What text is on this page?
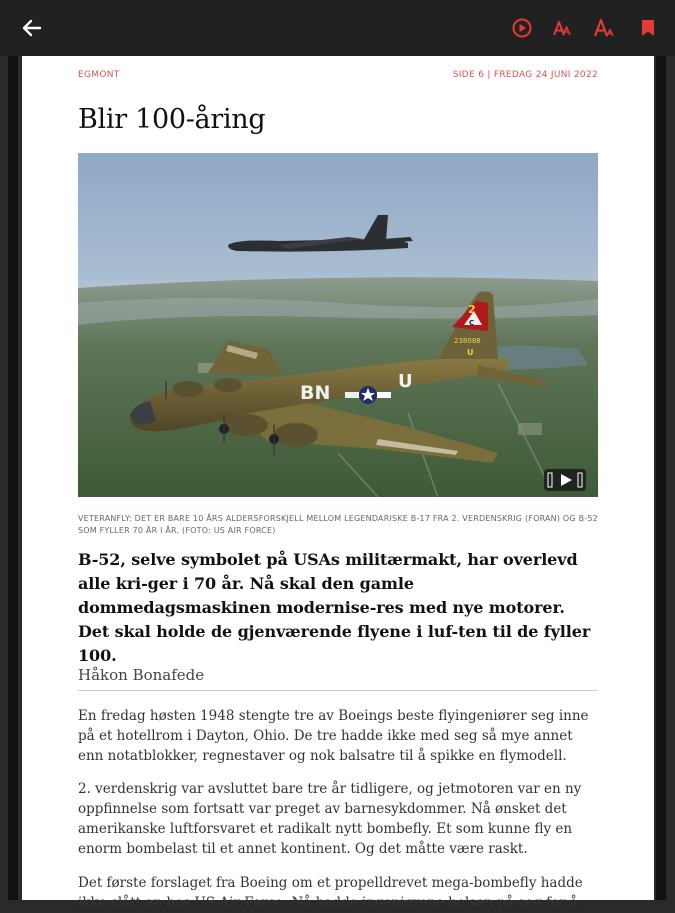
EGMONT	SIDE 6 | FREDAG 24 JUNI 2022
Blir 100-åring
BN
U
2
C
238088
U
VETERANFLY: DET ER BARE 10 ÅRS ALDERSFORSKJELL MELLOM LEGENDARISKE B-17 FRA 2. VERDENSKRIG (FORAN) OG B-52 SOM FYLLER 70 ÅR I ÅR. (FOTO: US AIR FORCE)
B-52, selve symbolet på USAs militærmakt, har overlevd alle kri-ger i 70 år. Nå skal den gamle dommedagsmaskinen modernise-res med nye motorer. Det skal holde de gjenværende flyene i luf-ten til de fyller 100.
Håkon Bonafede

En fredag høsten 1948 stengte tre av Boeings beste flyingeniører seg inne på et hotellrom i Dayton, Ohio. De tre hadde ikke med seg så mye annet enn notatblokker, regnestaver og nok balsatre til å spikke en flymodell.

2. verdenskrig var avsluttet bare tre år tidligere, og jetmotoren var en ny oppfinnelse som fortsatt var preget av barnesykdommer. Nå ønsket det amerikanske luftforsvaret et radikalt nytt bombefly. Et som kunne fly en enorm bombelast til et annet kontinent. Og det måtte være raskt.

Det første forslaget fra Boeing om et propelldrevet mega-bombefly hadde ikke slått an hos US Air Force. Nå hadde ingeniørene bolsen på seg for å
